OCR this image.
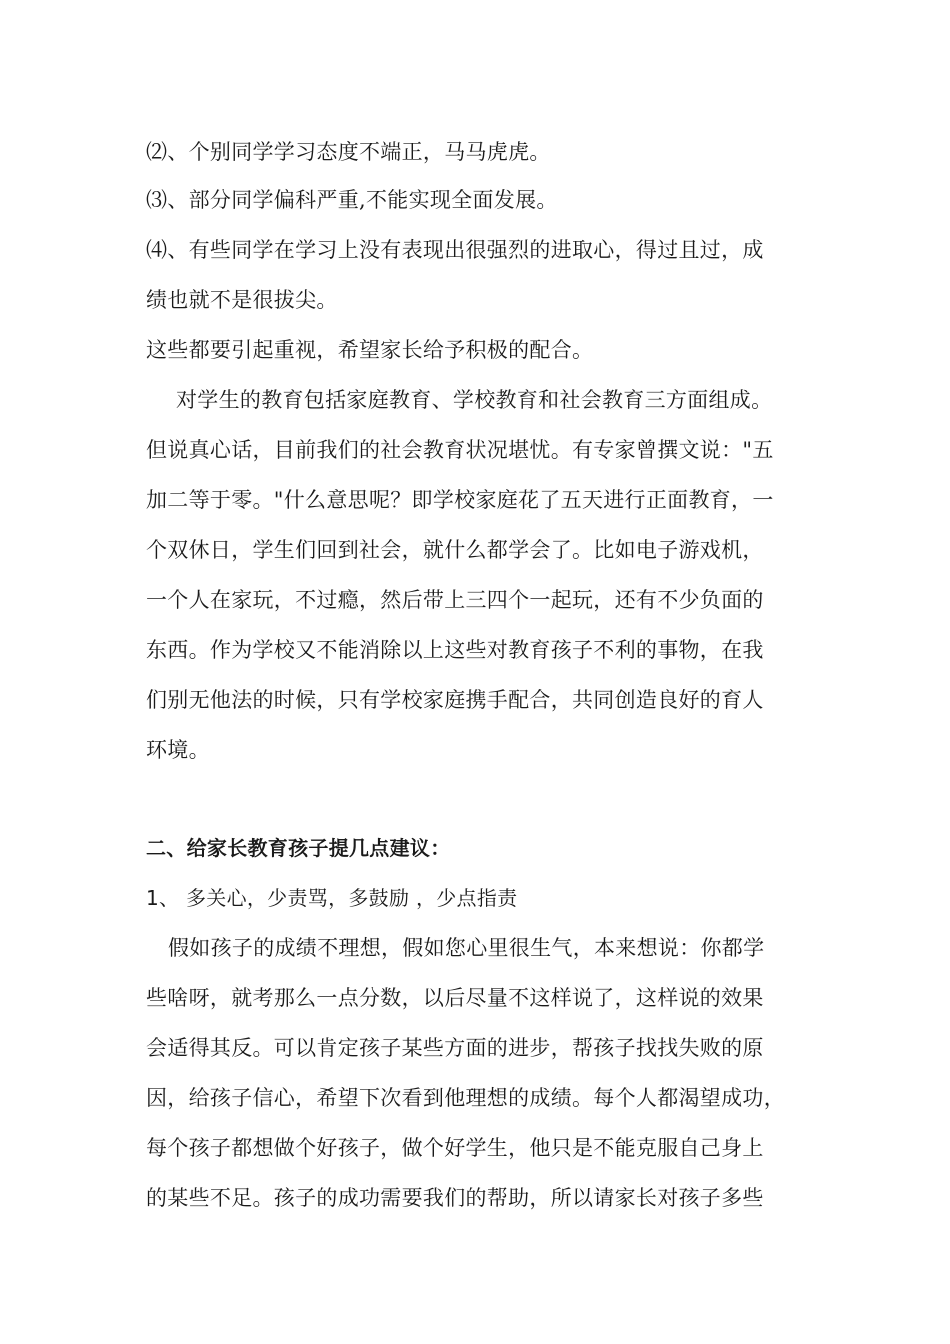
⑵、个别同学学习态度不端正，马马虎虎。
⑶、部分同学偏科严重,不能实现全面发展。
⑷、有些同学在学习上没有表现出很强烈的进取心，得过且过，成
绩也就不是很拔尖。
这些都要引起重视，希望家长给予积极的配合。
对学生的教育包括家庭教育、学校教育和社会教育三方面组成。
但说真心话，目前我们的社会教育状况堪忧。有专家曾撰文说："五
加二等于零。"什么意思呢？即学校家庭花了五天进行正面教育，一
个双休日，学生们回到社会，就什么都学会了。比如电子游戏机，
一个人在家玩，不过瘾，然后带上三四个一起玩，还有不少负面的
东西。作为学校又不能消除以上这些对教育孩子不利的事物，在我
们别无他法的时候，只有学校家庭携手配合，共同创造良好的育人
环境。
二、给家长教育孩子提几点建议：
1、 多关心，少责骂，多鼓励 ，少点指责
假如孩子的成绩不理想，假如您心里很生气，本来想说：你都学
些啥呀，就考那么一点分数，以后尽量不这样说了，这样说的效果
会适得其反。可以肯定孩子某些方面的进步，帮孩子找找失败的原
因，给孩子信心，希望下次看到他理想的成绩。每个人都渴望成功，
每个孩子都想做个好孩子，做个好学生，他只是不能克服自己身上
的某些不足。孩子的成功需要我们的帮助，所以请家长对孩子多些
